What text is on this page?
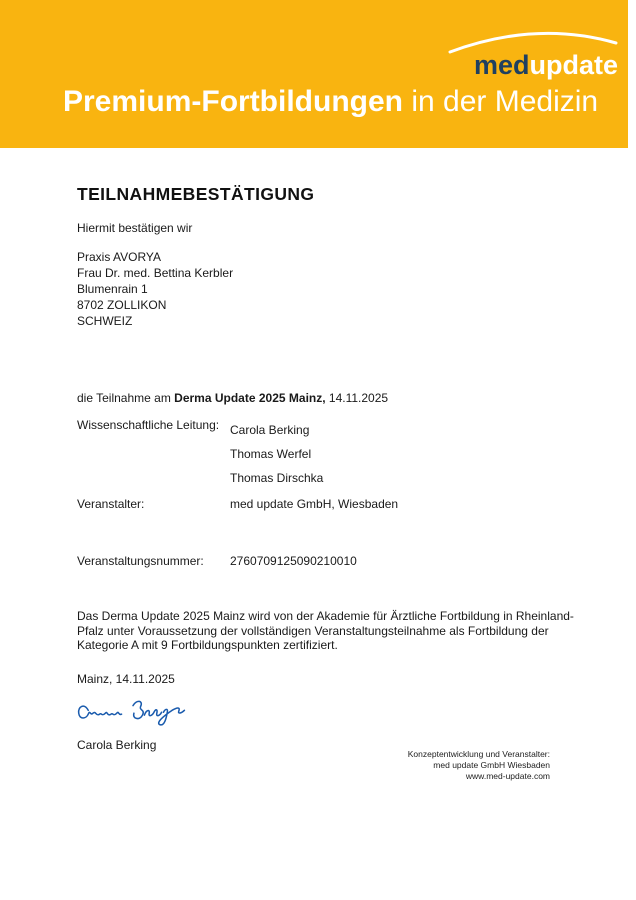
medupdate
Premium-Fortbildungen in der Medizin
TEILNAHMEBESTÄTIGUNG

Hiermit bestätigen wir

Praxis AVORYA
Frau Dr. med. Bettina Kerbler
Blumenrain 1
8702 ZOLLIKON
SCHWEIZ

die Teilnahme am Derma Update 2025 Mainz, 14.11.2025

Wissenschaftliche Leitung: Carola Berking
Thomas Werfel
Thomas Dirschka
Veranstalter:	med update GmbH, Wiesbaden
Veranstaltungsnummer:	2760709125090210010

Das Derma Update 2025 Mainz wird von der Akademie für Ärztliche Fortbildung in Rheinland-Pfalz unter Voraussetzung der vollständigen Veranstaltungsteilnahme als Fortbildung der Kategorie A mit 9 Fortbildungspunkten zertifiziert.

Mainz, 14.11.2025

Carola Berking

Konzeptentwicklung und Veranstalter:
med update GmbH Wiesbaden
www.med-update.com
